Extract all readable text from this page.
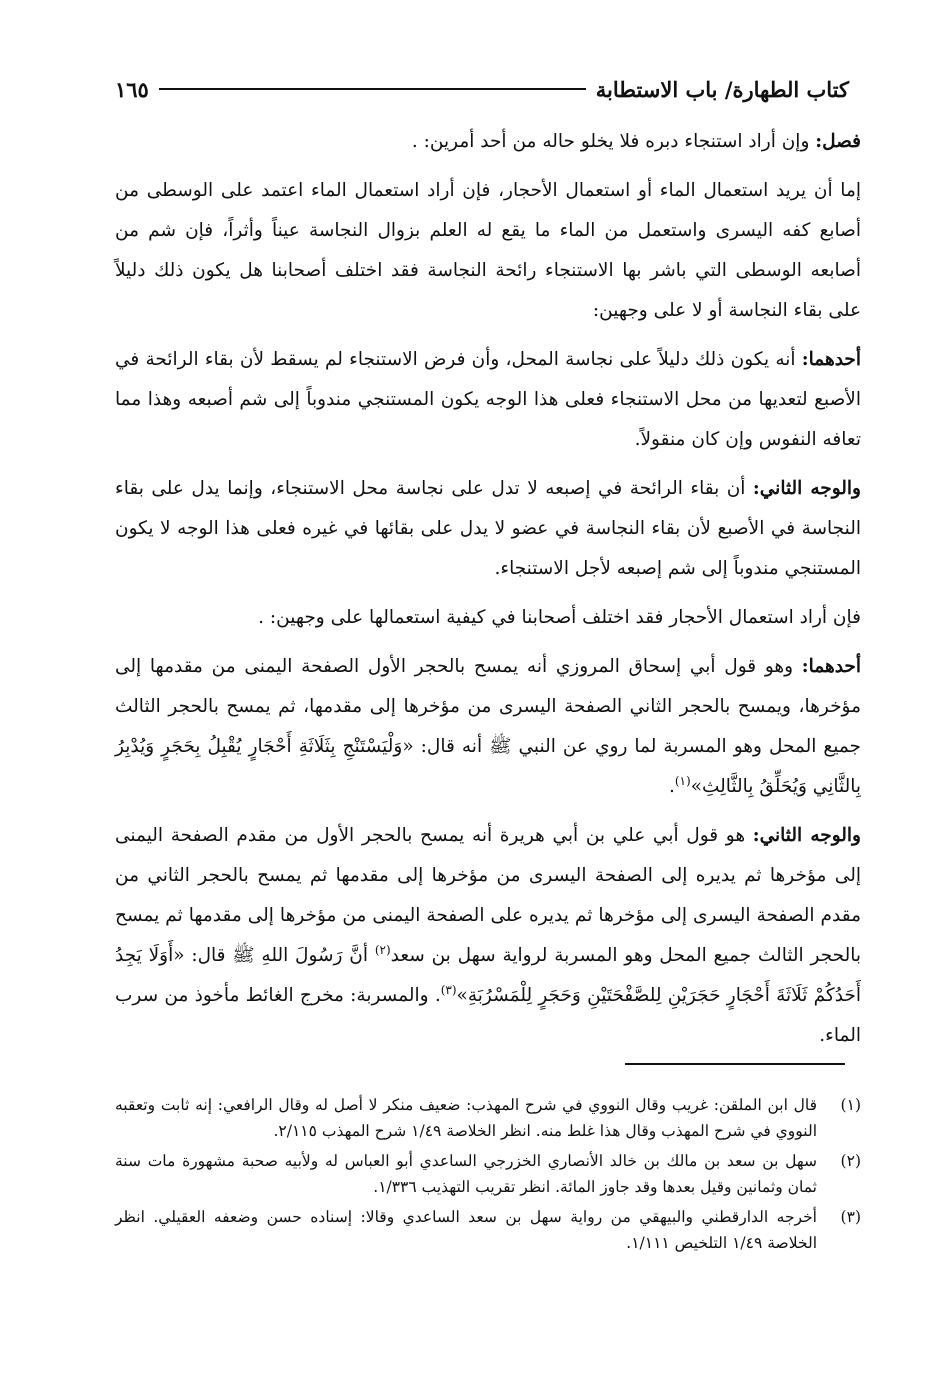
كتاب الطهارة/ باب الاستطابة
١٦٥

فصل: وإن أراد استنجاء دبره فلا يخلو حاله من أحد أمرين: .

إما أن يريد استعمال الماء أو استعمال الأحجار، فإن أراد استعمال الماء اعتمد على الوسطى من أصابع كفه اليسرى واستعمل من الماء ما يقع له العلم بزوال النجاسة عيناً وأثراً، فإن شم من أصابعه الوسطى التي باشر بها الاستنجاء رائحة النجاسة فقد اختلف أصحابنا هل يكون ذلك دليلاً على بقاء النجاسة أو لا على وجهين:

أحدهما: أنه يكون ذلك دليلاً على نجاسة المحل، وأن فرض الاستنجاء لم يسقط لأن بقاء الرائحة في الأصبع لتعديها من محل الاستنجاء فعلى هذا الوجه يكون المستنجي مندوباً إلى شم أصبعه وهذا مما تعافه النفوس وإن كان منقولاً.

والوجه الثاني: أن بقاء الرائحة في إصبعه لا تدل على نجاسة محل الاستنجاء، وإنما يدل على بقاء النجاسة في الأصبع لأن بقاء النجاسة في عضو لا يدل على بقائها في غيره فعلى هذا الوجه لا يكون المستنجي مندوباً إلى شم إصبعه لأجل الاستنجاء.

فإن أراد استعمال الأحجار فقد اختلف أصحابنا في كيفية استعمالها على وجهين: .

أحدهما: وهو قول أبي إسحاق المروزي أنه يمسح بالحجر الأول الصفحة اليمنى من مقدمها إلى مؤخرها، ويمسح بالحجر الثاني الصفحة اليسرى من مؤخرها إلى مقدمها، ثم يمسح بالحجر الثالث جميع المحل وهو المسربة لما روي عن النبي ﷺ أنه قال: «وَلْيَسْتَنْجِ بِثَلَاثَةِ أَحْجَارٍ يُقْبِلُ بِحَجَرٍ وَيُدْبِرُ بِالثَّانِي وَيُحَلِّقُ بِالثَّالِثِ»$^{(١)}$.

والوجه الثاني: هو قول أبي علي بن أبي هريرة أنه يمسح بالحجر الأول من مقدم الصفحة اليمنى إلى مؤخرها ثم يديره إلى الصفحة اليسرى من مؤخرها إلى مقدمها ثم يمسح بالحجر الثاني من مقدم الصفحة اليسرى إلى مؤخرها ثم يديره على الصفحة اليمنى من مؤخرها إلى مقدمها ثم يمسح بالحجر الثالث جميع المحل وهو المسربة لرواية سهل بن سعد$^{(٢)}$ أنَّ رَسُولَ اللهِ ﷺ قال: «أَوَلَا يَجِدُ أَحَدُكُمْ ثَلَاثَةَ أَحْجَارٍ حَجَرَيْنِ لِلصَّفْحَتَيْنِ وَحَجَرٍ لِلْمَسْرُبَةِ»$^{(٣)}$. والمسربة: مخرج الغائط مأخوذ من سرب الماء.

(١)
قال ابن الملقن: غريب وقال النووي في شرح المهذب: ضعيف منكر لا أصل له وقال الرافعي: إنه ثابت وتعقبه النووي في شرح المهذب وقال هذا غلط منه. انظر الخلاصة ١/٤٩ شرح المهذب ٢/١١٥.
(٢)
سهل بن سعد بن مالك بن خالد الأنصاري الخزرجي الساعدي أبو العباس له ولأبيه صحبة مشهورة مات سنة ثمان وثمانين وقيل بعدها وقد جاوز المائة. انظر تقريب التهذيب ١/٣٣٦.
(٣)
أخرجه الدارقطني والبيهقي من رواية سهل بن سعد الساعدي وقالا: إسناده حسن وضعفه العقيلي. انظر الخلاصة ١/٤٩ التلخيص ١/١١١.
